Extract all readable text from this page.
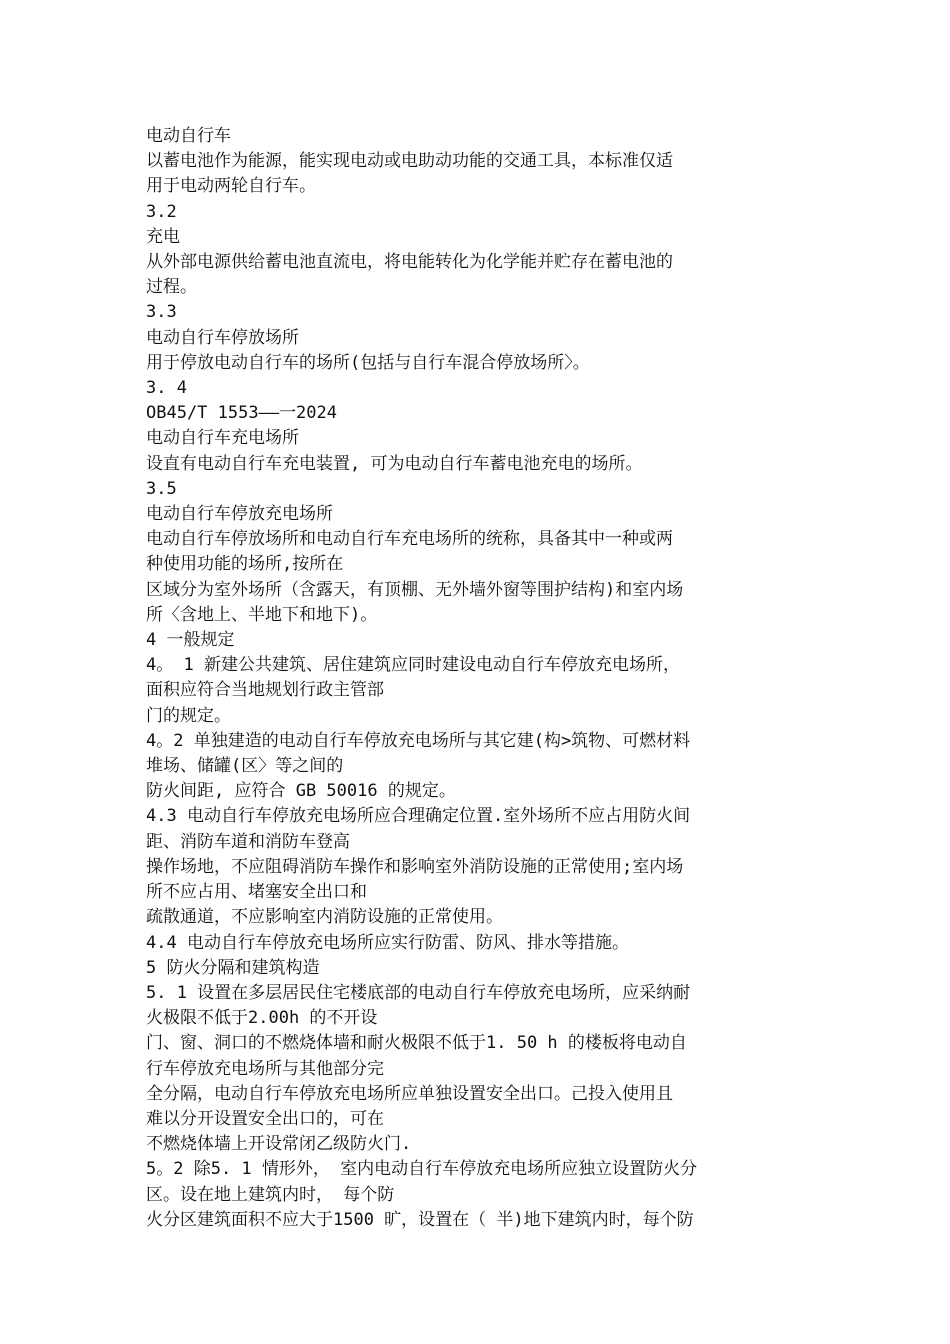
电动自行车
以蓄电池作为能源，能实现电动或电助动功能的交通工具，本标准仅适
用于电动两轮自行车。
3.2
充电
从外部电源供给蓄电池直流电，将电能转化为化学能并贮存在蓄电池的
过程。
3.3
电动自行车停放场所
用于停放电动自行车的场所(包括与自行车混合停放场所〉。
3. 4
OB45/T 1553——一2024
电动自行车充电场所
设直有电动自行车充电装置, 可为电动自行车蓄电池充电的场所。
3.5
电动自行车停放充电场所
电动自行车停放场所和电动自行车充电场所的统称，具备其中一种或两
种使用功能的场所,按所在
区域分为室外场所（含露天，有顶棚、无外墙外窗等围护结构)和室内场
所〈含地上、半地下和地下)。
4 一般规定
4。 1 新建公共建筑、居住建筑应同时建设电动自行车停放充电场所，
面积应符合当地规划行政主管部
门的规定。
4。2 单独建造的电动自行车停放充电场所与其它建(构>筑物、可燃材料
堆场、储罐(区〉等之间的
防火间距, 应符合 GB 50016 的规定。
4.3 电动自行车停放充电场所应合理确定位置.室外场所不应占用防火间
距、消防车道和消防车登高
操作场地，不应阻碍消防车操作和影响室外消防设施的正常使用;室内场
所不应占用、堵塞安全出口和
疏散通道，不应影响室内消防设施的正常使用。
4.4 电动自行车停放充电场所应实行防雷、防风、排水等措施。
5 防火分隔和建筑构造
5. 1 设置在多层居民住宅楼底部的电动自行车停放充电场所，应采纳耐
火极限不低于2.00h 的不开设
门、窗、洞口的不燃烧体墙和耐火极限不低于1. 50 h 的楼板将电动自
行车停放充电场所与其他部分完
全分隔，电动自行车停放充电场所应单独设置安全出口。己投入使用且
难以分开设置安全出口的，可在
不燃烧体墙上开设常闭乙级防火门.
5。2 除5. 1 情形外， 室内电动自行车停放充电场所应独立设置防火分
区。设在地上建筑内时， 每个防
火分区建筑面积不应大于1500 旷，设置在（ 半)地下建筑内时，每个防
